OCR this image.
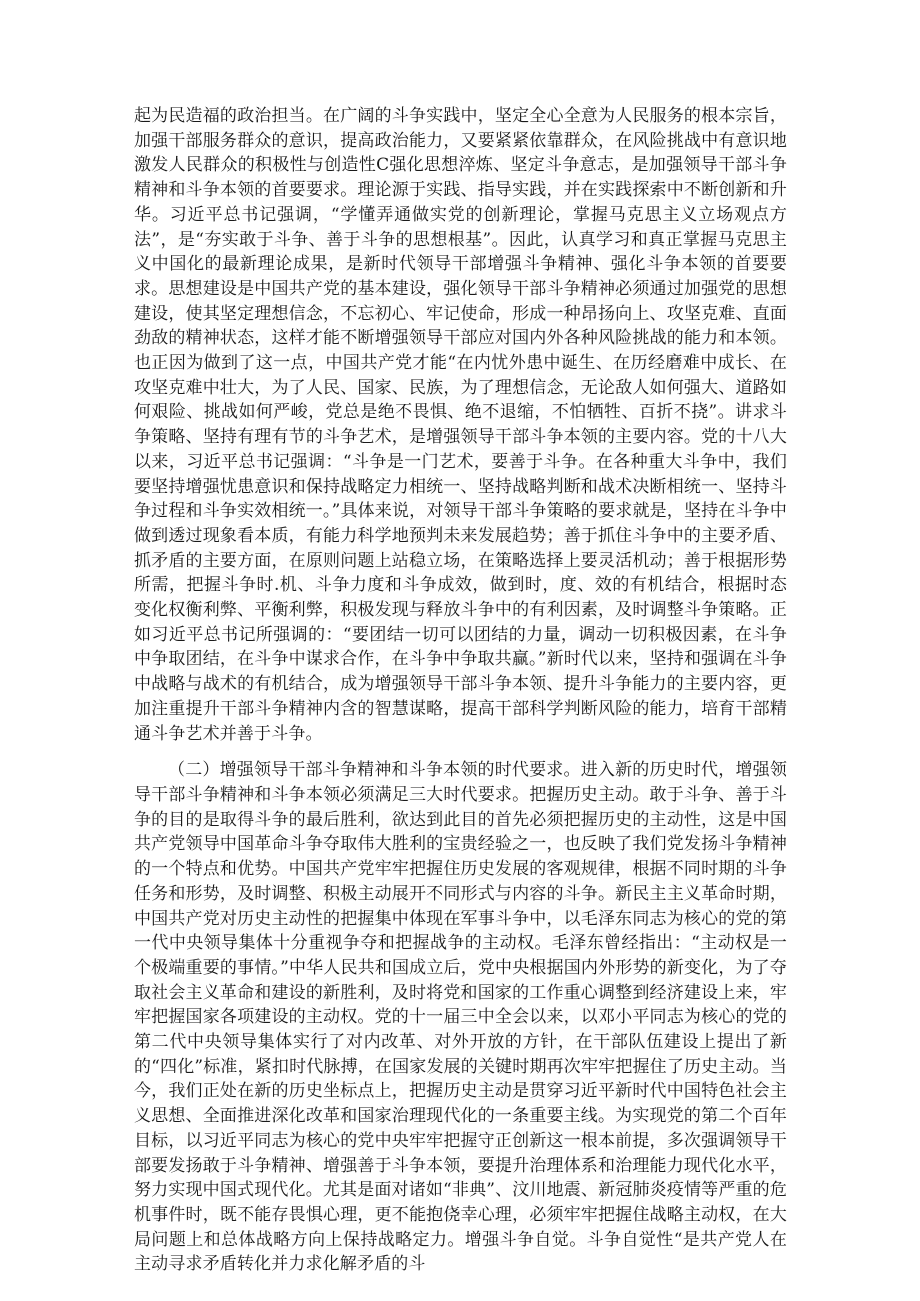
起为民造福的政治担当。在广阔的斗争实践中，坚定全心全意为人民服务的根本宗旨，加强干部服务群众的意识，提高政治能力，又要紧紧依靠群众，在风险挑战中有意识地激发人民群众的积极性与创造性C强化思想淬炼、坚定斗争意志，是加强领导干部斗争精神和斗争本领的首要要求。理论源于实践、指导实践，并在实践探索中不断创新和升华。习近平总书记强调，“学懂弄通做实党的创新理论，掌握马克思主义立场观点方法”，是“夯实敢于斗争、善于斗争的思想根基”。因此，认真学习和真正掌握马克思主义中国化的最新理论成果，是新时代领导干部增强斗争精神、强化斗争本领的首要要求。思想建设是中国共产党的基本建设，强化领导干部斗争精神必须通过加强党的思想建设，使其坚定理想信念，不忘初心、牢记使命，形成一种昂扬向上、攻坚克难、直面劲敌的精神状态，这样才能不断增强领导干部应对国内外各种风险挑战的能力和本领。也正因为做到了这一点，中国共产党才能“在内忧外患中诞生、在历经磨难中成长、在攻坚克难中壮大，为了人民、国家、民族，为了理想信念，无论敌人如何强大、道路如何艰险、挑战如何严峻，党总是绝不畏惧、绝不退缩，不怕牺牲、百折不挠”。讲求斗争策略、坚持有理有节的斗争艺术，是增强领导干部斗争本领的主要内容。党的十八大以来，习近平总书记强调：“斗争是一门艺术，要善于斗争。在各种重大斗争中，我们要坚持增强忧患意识和保持战略定力相统一、坚持战略判断和战术决断相统一、坚持斗争过程和斗争实效相统一。”具体来说，对领导干部斗争策略的要求就是，坚持在斗争中做到透过现象看本质，有能力科学地预判未来发展趋势；善于抓住斗争中的主要矛盾、抓矛盾的主要方面，在原则问题上站稳立场，在策略选择上要灵活机动；善于根据形势所需，把握斗争时.机、斗争力度和斗争成效，做到时，度、效的有机结合，根据时态变化权衡利弊、平衡利弊，积极发现与释放斗争中的有利因素，及时调整斗争策略。正如习近平总书记所强调的：“要团结一切可以团结的力量，调动一切积极因素，在斗争中争取团结，在斗争中谋求合作，在斗争中争取共赢。”新时代以来，坚持和强调在斗争中战略与战术的有机结合，成为增强领导干部斗争本领、提升斗争能力的主要内容，更加注重提升干部斗争精神内含的智慧谋略，提高干部科学判断风险的能力，培育干部精通斗争艺术并善于斗争。

（二）增强领导干部斗争精神和斗争本领的时代要求。进入新的历史时代，增强领导干部斗争精神和斗争本领必须满足三大时代要求。把握历史主动。敢于斗争、善于斗争的目的是取得斗争的最后胜利，欲达到此目的首先必须把握历史的主动性，这是中国共产党领导中国革命斗争夺取伟大胜利的宝贵经验之一，也反映了我们党发扬斗争精神的一个特点和优势。中国共产党牢牢把握住历史发展的客观规律，根据不同时期的斗争任务和形势，及时调整、积极主动展开不同形式与内容的斗争。新民主主义革命时期，中国共产党对历史主动性的把握集中体现在军事斗争中，以毛泽东同志为核心的党的第一代中央领导集体十分重视争夺和把握战争的主动权。毛泽东曾经指出：“主动权是一个极端重要的事情。”中华人民共和国成立后，党中央根据国内外形势的新变化，为了夺取社会主义革命和建设的新胜利，及时将党和国家的工作重心调整到经济建设上来，牢牢把握国家各项建设的主动权。党的十一届三中全会以来，以邓小平同志为核心的党的第二代中央领导集体实行了对内改革、对外开放的方针，在干部队伍建设上提出了新的“四化”标准，紧扣时代脉搏，在国家发展的关键时期再次牢牢把握住了历史主动。当今，我们正处在新的历史坐标点上，把握历史主动是贯穿习近平新时代中国特色社会主义思想、全面推进深化改革和国家治理现代化的一条重要主线。为实现党的第二个百年目标，以习近平同志为核心的党中央牢牢把握守正创新这一根本前提，多次强调领导干部要发扬敢于斗争精神、增强善于斗争本领，要提升治理体系和治理能力现代化水平，努力实现中国式现代化。尤其是面对诸如“非典”、汶川地震、新冠肺炎疫情等严重的危机事件时，既不能存畏惧心理，更不能抱侥幸心理，必须牢牢把握住战略主动权，在大局问题上和总体战略方向上保持战略定力。增强斗争自觉。斗争自觉性“是共产党人在主动寻求矛盾转化并力求化解矛盾的斗
